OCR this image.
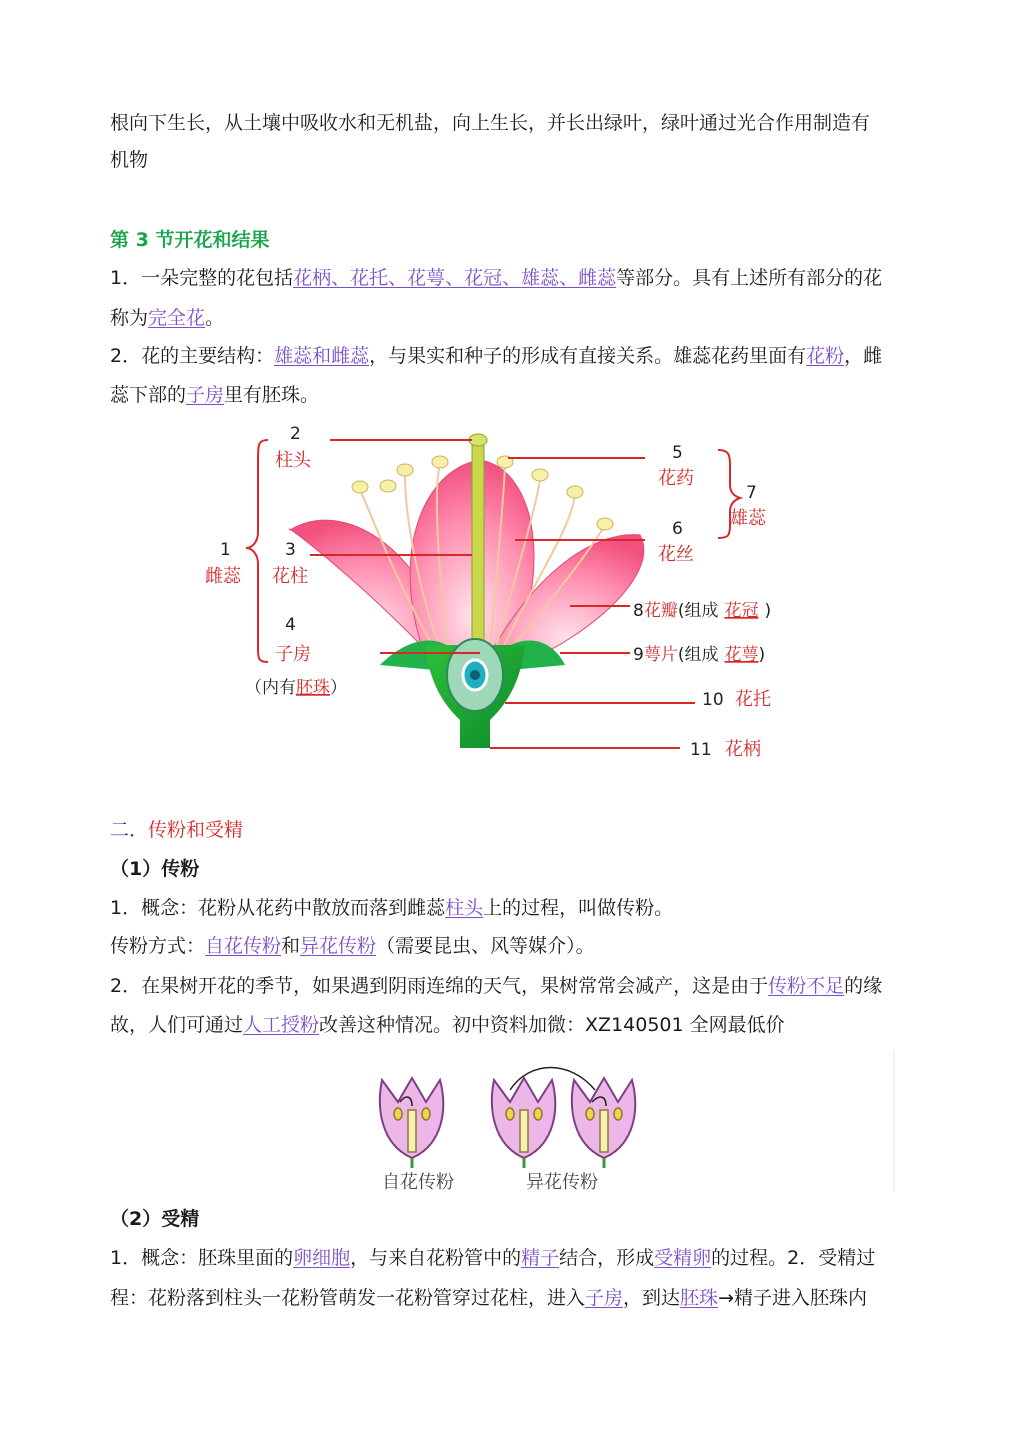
根向下生长，从土壤中吸收水和无机盐，向上生长，并长出绿叶，绿叶通过光合作用制造有
机物
第 3 节开花和结果
1．一朵完整的花包括花柄、花托、花萼、花冠、雄蕊、雌蕊等部分。具有上述所有部分的花
称为完全花。
2．花的主要结构：雄蕊和雌蕊，与果实和种子的形成有直接关系。雄蕊花药里面有花粉，雌
蕊下部的子房里有胚珠。
2
柱头
1
雌蕊
3
花柱
4
子房
（内有胚珠）
5
花药
6
花丝
7
雄蕊
8花瓣(组成 花冠 )
9萼片(组成 花萼)
10 花托
11 花柄
二．传粉和受精
（1）传粉
1．概念：花粉从花药中散放而落到雌蕊柱头上的过程，叫做传粉。
传粉方式：自花传粉和异花传粉（需要昆虫、风等媒介）。
2．在果树开花的季节，如果遇到阴雨连绵的天气，果树常常会减产，这是由于传粉不足的缘
故，人们可通过人工授粉改善这种情况。初中资料加微：XZ140501 全网最低价
自花传粉	异花传粉
（2）受精
1．概念：胚珠里面的卵细胞，与来自花粉管中的精子结合，形成受精卵的过程。2．受精过
程：花粉落到柱头一花粉管萌发一花粉管穿过花柱，进入子房，到达胚珠→精子进入胚珠内
